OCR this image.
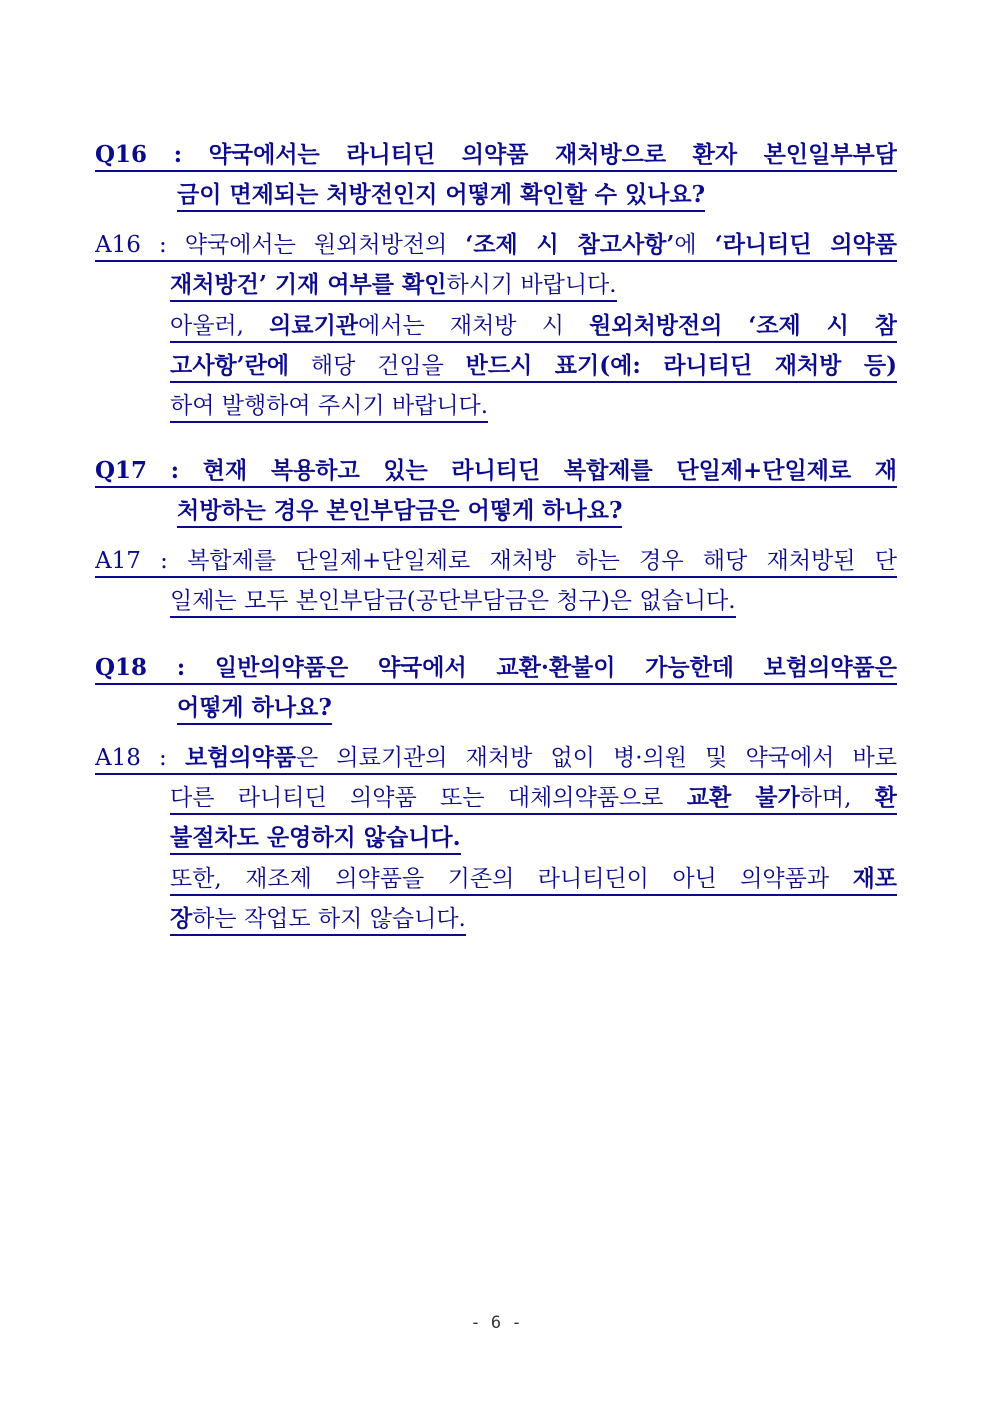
Q16 : 약국에서는 라니티딘 의약품 재처방으로 환자 본인일부부담
금이 면제되는 처방전인지 어떻게 확인할 수 있나요?
A16 : 약국에서는 원외처방전의 ‘조제 시 참고사항’에 ‘라니티딘 의약품
재처방건’ 기재 여부를 확인하시기 바랍니다.
아울러, 의료기관에서는 재처방 시 원외처방전의 ‘조제 시 참
고사항’란에 해당 건임을 반드시 표기(예: 라니티딘 재처방 등)
하여 발행하여 주시기 바랍니다.
Q17 : 현재 복용하고 있는 라니티딘 복합제를 단일제+단일제로 재
처방하는 경우 본인부담금은 어떻게 하나요?
A17 : 복합제를 단일제+단일제로 재처방 하는 경우 해당 재처방된 단
일제는 모두 본인부담금(공단부담금은 청구)은 없습니다.
Q18 : 일반의약품은 약국에서 교환·환불이 가능한데 보험의약품은
어떻게 하나요?
A18 : 보험의약품은 의료기관의 재처방 없이 병·의원 및 약국에서 바로
다른 라니티딘 의약품 또는 대체의약품으로 교환 불가하며, 환
불절차도 운영하지 않습니다.
또한, 재조제 의약품을 기존의 라니티딘이 아닌 의약품과 재포
장하는 작업도 하지 않습니다.
- 6 -
